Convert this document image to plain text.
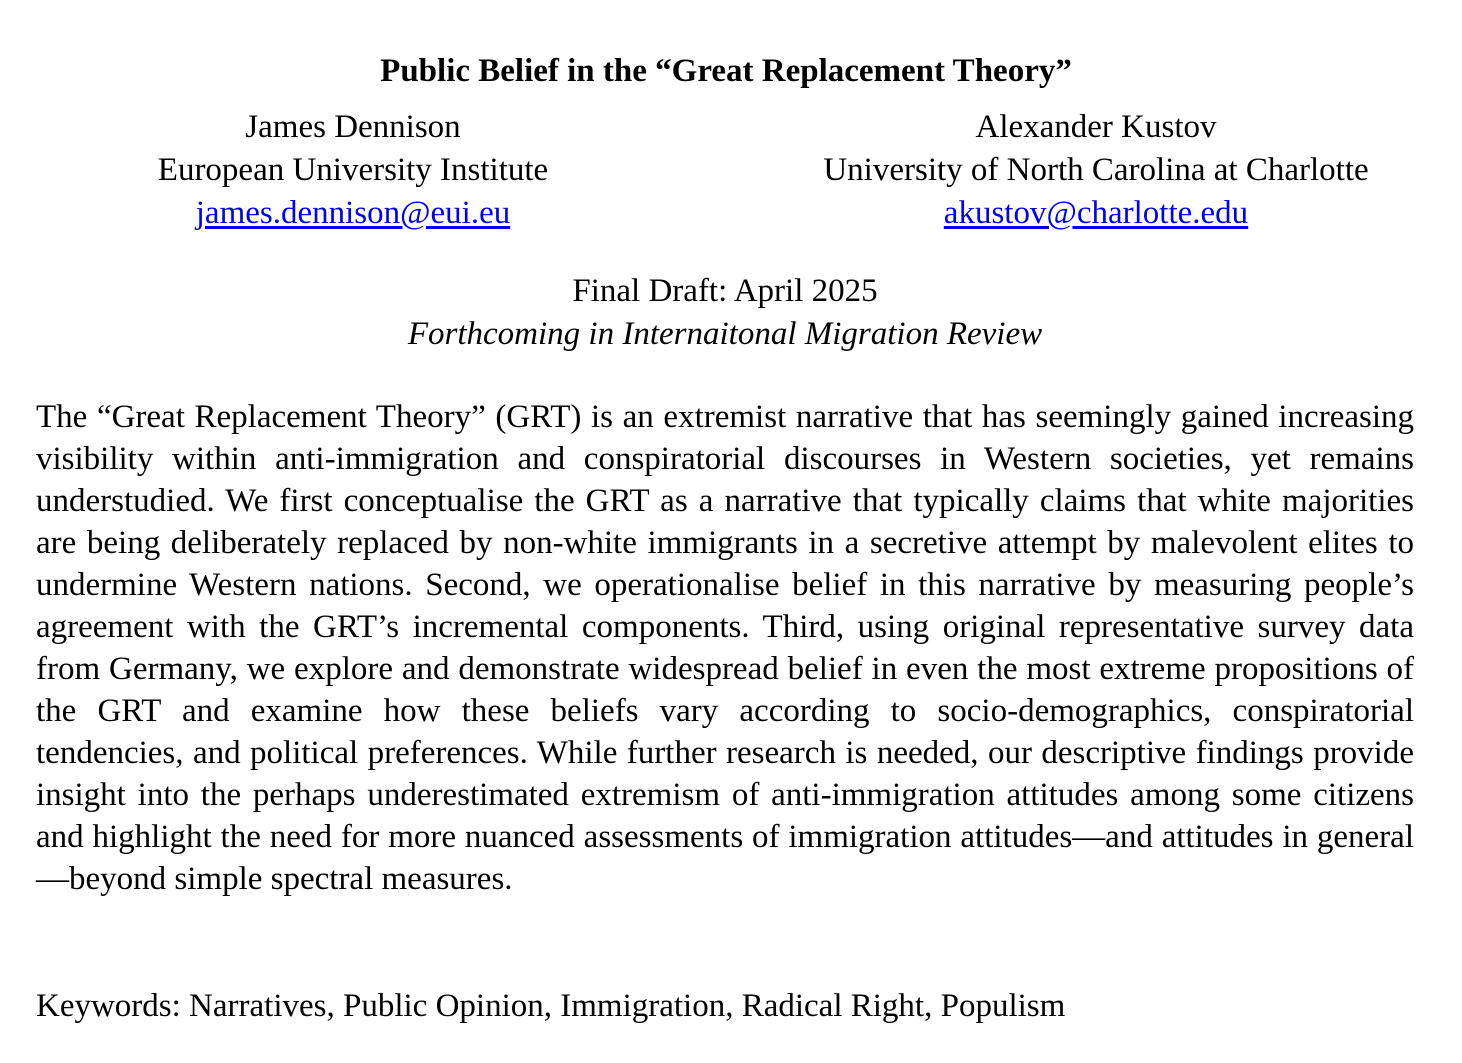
Public Belief in the “Great Replacement Theory”
James Dennison
European University Institute
james.dennison@eui.eu
Alexander Kustov
University of North Carolina at Charlotte
akustov@charlotte.edu
Final Draft: April 2025
Forthcoming in Internaitonal Migration Review

The “Great Replacement Theory” (GRT) is an extremist narrative that has seemingly gained increasing visibility within anti-immigration and conspiratorial discourses in Western societies, yet remains understudied. We first conceptualise the GRT as a narrative that typically claims that white majorities are being deliberately replaced by non-white immigrants in a secretive attempt by malevolent elites to undermine Western nations. Second, we operationalise belief in this narrative by measuring people’s agreement with the GRT’s incremental components. Third, using original representative survey data from Germany, we explore and demonstrate widespread belief in even the most extreme propositions of the GRT and examine how these beliefs vary according to socio-demographics, conspiratorial tendencies, and political preferences. While further research is needed, our descriptive findings provide insight into the perhaps underestimated extremism of anti-immigration attitudes among some citizens and highlight the need for more nuanced assessments of immigration attitudes—and attitudes in general—beyond simple spectral measures.

Keywords: Narratives, Public Opinion, Immigration, Radical Right, Populism
